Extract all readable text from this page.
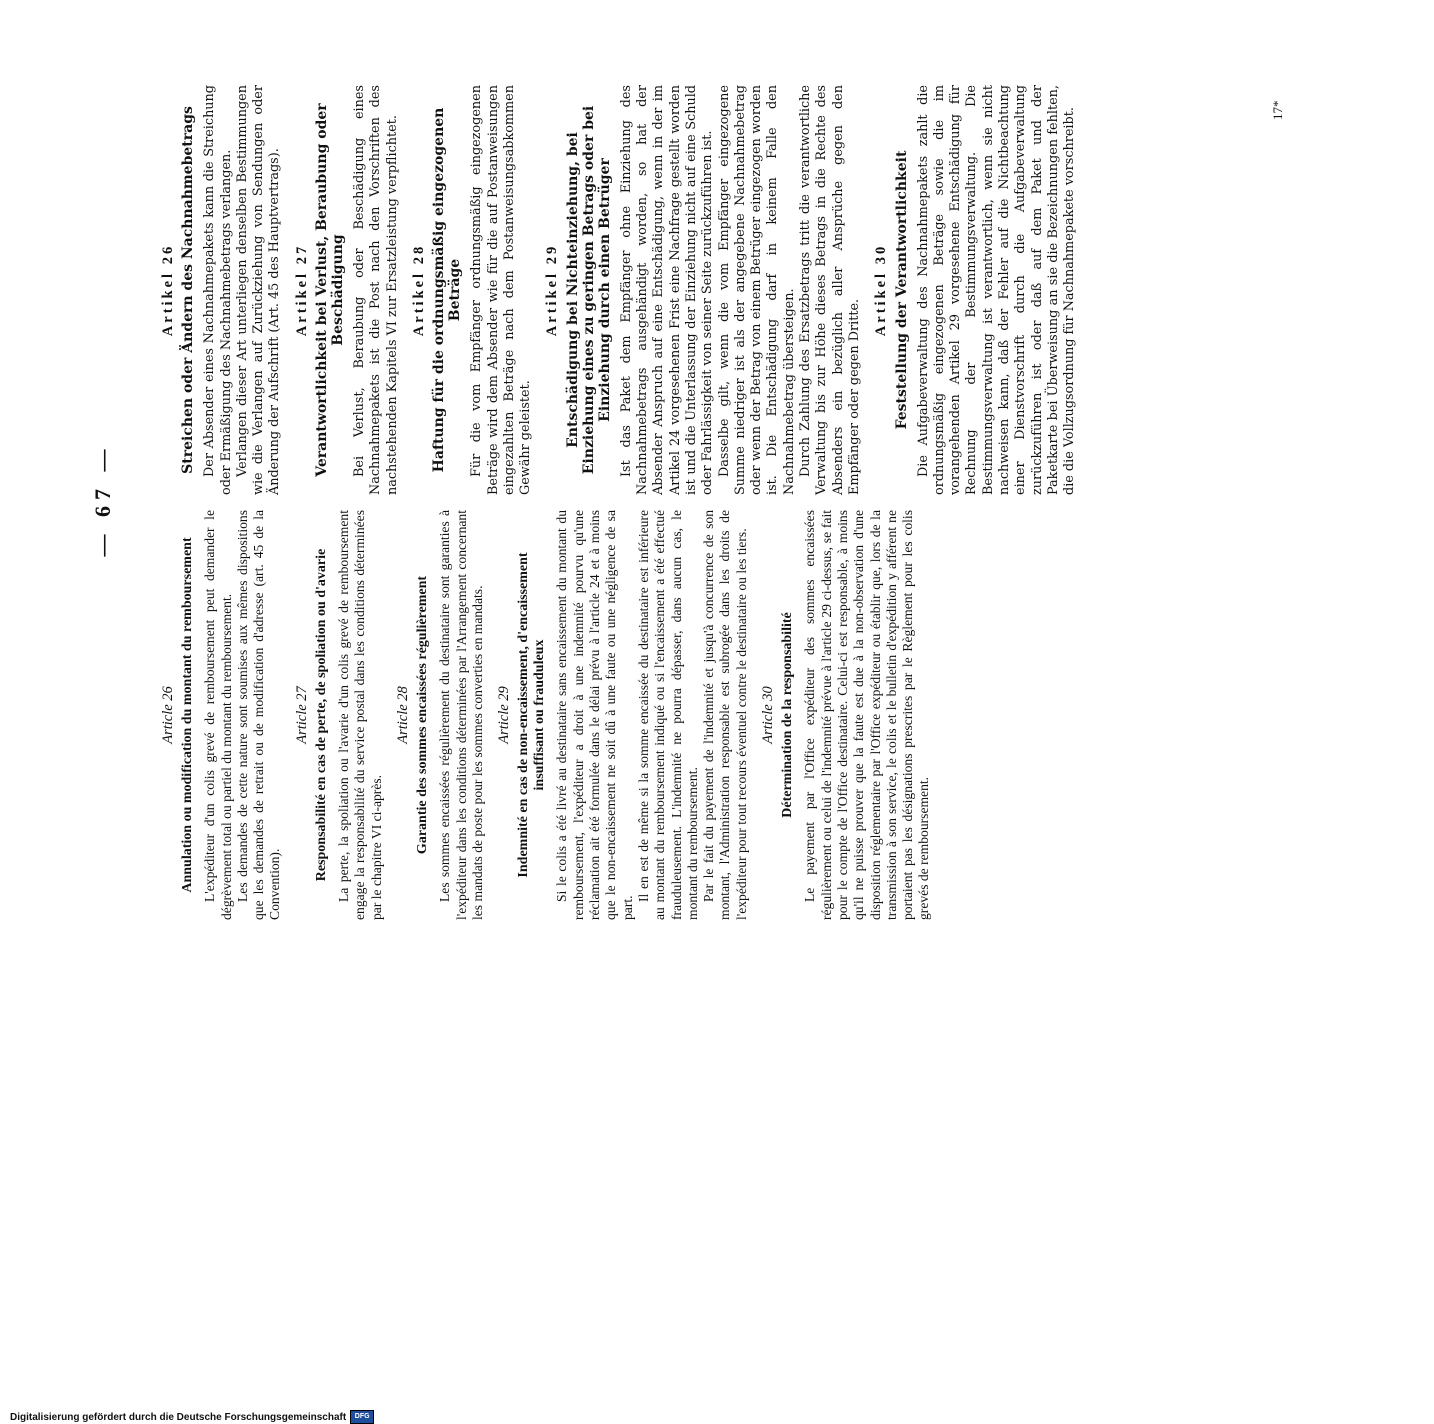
— 67 —
Article 26 Annulation ou modification du montant du remboursement L'expéditeur d'un colis grevé de remboursement peut demander le dégrèvement total ou partiel du montant du remboursement. Les demandes de cette nature sont soumises aux mêmes dispositions que les demandes de retrait ou de modification d'adresse (art. 45 de la Convention).

Article 27 Responsabilité en cas de perte, de spoliation ou d'avarie La perte, la spoliation ou l'avarie d'un colis grevé de remboursement engage la responsabilité du service postal dans les conditions déterminées par le chapitre VI ci-après.

Article 28 Garantie des sommes encaissées régulièrement Les sommes encaissées régulièrement du destinataire sont garanties à l'expéditeur dans les conditions déterminées par l'Arrangement concernant les mandats de poste pour les sommes converties en mandats. Article 29 Indemnité en cas de non-encaissement, d'encaissement insuffisant ou frauduleux Si le colis a été livré au destinataire sans encaissement du montant du remboursement, l'expéditeur a droit à une indemnité pourvu qu'une réclamation ait été formulée dans le délai prévu à l'article 24 et à moins que le non-encaissement ne soit dû à une faute ou une négligence de sa part.

Il en est de même si la somme encaissée du destinataire est inférieure au montant du remboursement indiqué ou si l'encaissement a été effectué frauduleusement. L'indemnité ne pourra dépasser, dans aucun cas, le montant du remboursement. Par le fait du payement de l'indemnité et jusqu'à concurrence de son montant, l'Administration responsable est subrogée dans les droits de l'expéditeur pour tout recours éventuel contre le destinataire ou les tiers. Article 30 Détermination de la responsabilité Le payement par l'Office expéditeur des sommes encaissées régulièrement ou celui de l'indemnité prévue à l'article 29 ci-dessus, se fait pour le compte de l'Office destinataire. Celui-ci est responsable, à moins qu'il ne puisse prouver que la faute est due à la non-observation d'une disposition réglementaire par l'Office expéditeur ou établir que, lors de la transmission à son service, le colis et le bulletin d'expédition y afférent ne portaient pas les désignations prescrites par le Règlement pour les colis grevés de remboursement.

Artikel 26 Streichen oder Ändern des Nachnahmebetrags Der Absender eines Nachnahmepakets kann die Streichung oder Ermäßigung des Nachnahmebetrags verlangen. Verlangen dieser Art unterliegen denselben Bestimmungen wie die Verlangen auf Zurückziehung von Sendungen oder Änderung der Aufschrift (Art. 45 des Hauptvertrags). Artikel 27 Verantwortlichkeit bei Verlust, Beraubung oder Beschädigung Bei Verlust, Beraubung oder Beschädigung eines Nachnahmepakets ist die Post nach den Vorschriften des nachstehenden Kapitels VI zur Ersatzleistung verpflichtet. Artikel 28 Haftung für die ordnungsmäßig eingezogenen Beträge Für die vom Empfänger ordnungsmäßig eingezogenen Beträge wird dem Absender wie für die auf Postanweisungen eingezahlten Beträge nach dem Postanweisungsabkommen Gewähr geleistet.

Artikel 29 Entschädigung bei Nichteinziehung, bei Einziehung eines zu geringen Betrags oder bei Einziehung durch einen Betrüger Ist das Paket dem Empfänger ohne Einziehung des Nachnahmebetrags ausgehändigt worden, so hat der Absender Anspruch auf eine Entschädigung, wenn in der im Artikel 24 vorgesehenen Frist eine Nachfrage gestellt worden ist und die Unterlassung der Einziehung nicht auf eine Schuld oder Fahrlässigkeit von seiner Seite zurückzuführen ist. Dasselbe gilt, wenn die vom Empfänger eingezogene Summe niedriger ist als der angegebene Nachnahmebetrag oder wenn der Betrag von einem Betrüger eingezogen worden ist. Die Entschädigung darf in keinem Falle den Nachnahmebetrag übersteigen. Durch Zahlung des Ersatzbetrags tritt die verantwortliche Verwaltung bis zur Höhe dieses Betrags in die Rechte des Absenders ein bezüglich aller Ansprüche gegen den Empfänger oder gegen Dritte.

Artikel 30 Feststellung der Verantwortlichkeit Die Aufgabeverwaltung des Nachnahmepakets zahlt die ordnungsmäßig eingezogenen Beträge sowie die im vorangehenden Artikel 29 vorgesehene Entschädigung für Rechnung der Bestimmungsverwaltung. Die Bestimmungsverwaltung ist verantwortlich, wenn sie nicht nachweisen kann, daß der Fehler auf die Nichtbeachtung einer Dienstvorschrift durch die Aufgabeverwaltung zurückzuführen ist oder daß auf dem Paket und der Paketkarte bei Überweisung an sie die Bezeichnungen fehlten, die die Vollzugsordnung für Nachnahmepakete vorschreibt.	17*
Digitalisierung gefördert durch die Deutsche Forschungsgemeinschaft	DFG
